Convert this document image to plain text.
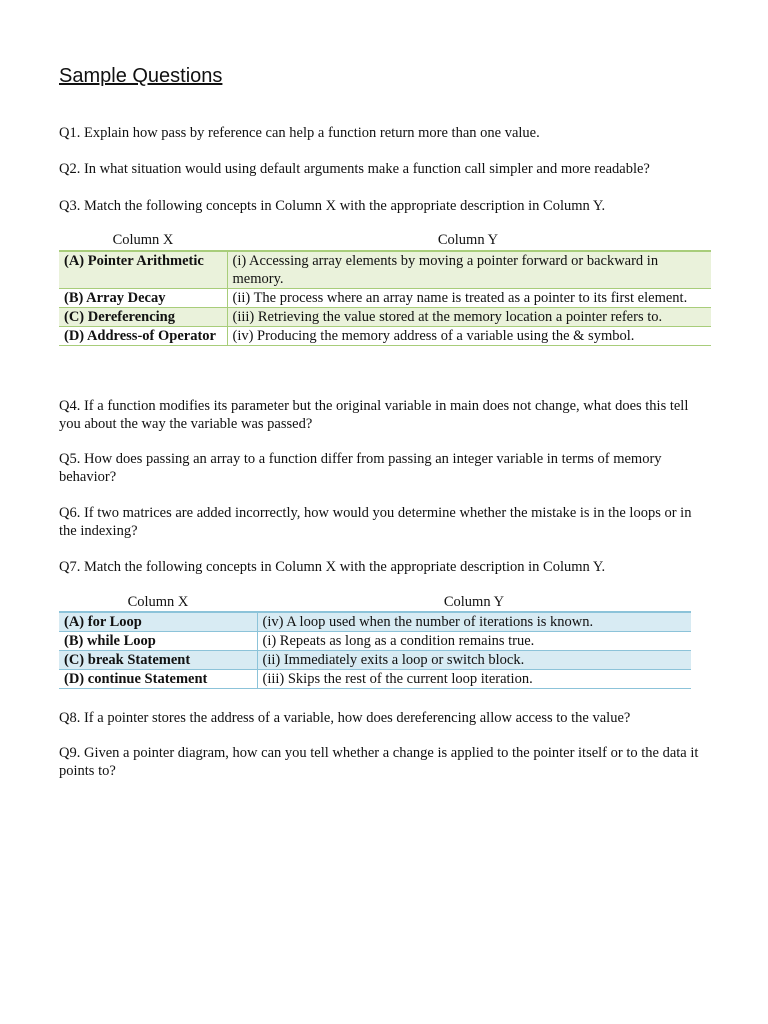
Sample Questions

Q1. Explain how pass by reference can help a function return more than one value.

Q2. In what situation would using default arguments make a function call simpler and more readable?

Q3. Match the following concepts in Column X with the appropriate description in Column Y.

Column X	Column Y

(A) Pointer Arithmetic	(i) Accessing array elements by moving a pointer forward or backward in memory.
(B) Array Decay	(ii) The process where an array name is treated as a pointer to its first element.
(C) Dereferencing	(iii) Retrieving the value stored at the memory location a pointer refers to.
(D) Address-of Operator	(iv) Producing the memory address of a variable using the & symbol.

Q4. If a function modifies its parameter but the original variable in main does not change, what does this tell you about the way the variable was passed?

Q5. How does passing an array to a function differ from passing an integer variable in terms of memory behavior?

Q6. If two matrices are added incorrectly, how would you determine whether the mistake is in the loops or in the indexing?

Q7. Match the following concepts in Column X with the appropriate description in Column Y.

Column X	Column Y

(A) for Loop	(iv) A loop used when the number of iterations is known.
(B) while Loop	(i) Repeats as long as a condition remains true.
(C) break Statement	(ii) Immediately exits a loop or switch block.
(D) continue Statement	(iii) Skips the rest of the current loop iteration.

Q8. If a pointer stores the address of a variable, how does dereferencing allow access to the value?

Q9. Given a pointer diagram, how can you tell whether a change is applied to the pointer itself or to the data it points to?
